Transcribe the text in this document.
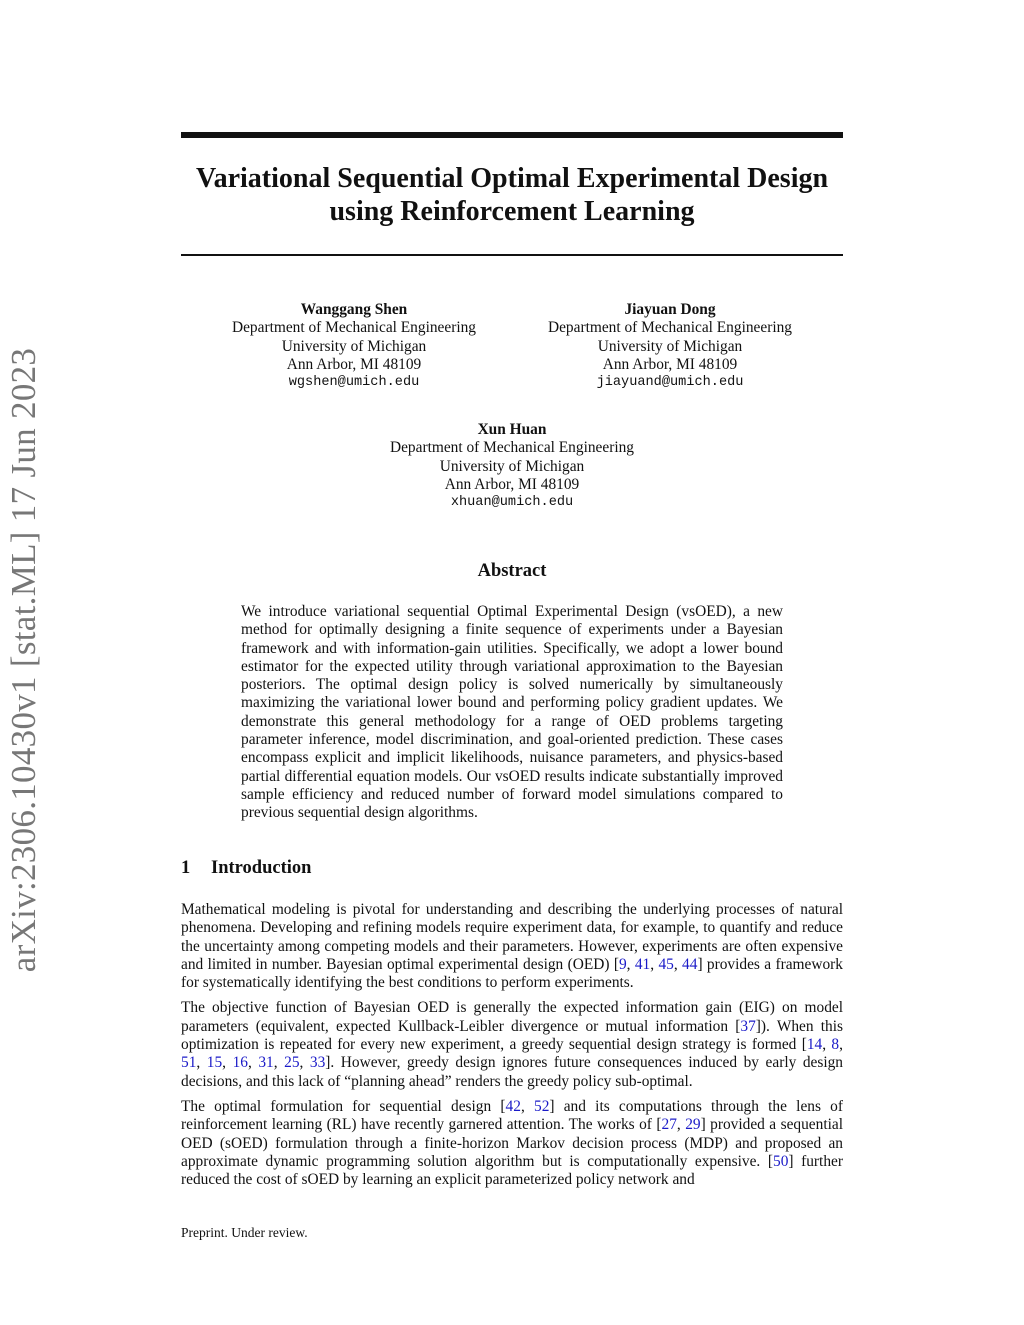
arXiv:2306.10430v1 [stat.ML] 17 Jun 2023
Variational Sequential Optimal Experimental Design
using Reinforcement Learning
Wanggang Shen
Department of Mechanical Engineering
University of Michigan
Ann Arbor, MI 48109
wgshen@umich.edu
Jiayuan Dong
Department of Mechanical Engineering
University of Michigan
Ann Arbor, MI 48109
jiayuand@umich.edu
Xun Huan
Department of Mechanical Engineering
University of Michigan
Ann Arbor, MI 48109
xhuan@umich.edu
Abstract
We introduce variational sequential Optimal Experimental Design (vsOED), a new method for optimally designing a finite sequence of experiments under a Bayesian framework and with information-gain utilities. Specifically, we adopt a lower bound estimator for the expected utility through variational approximation to the Bayesian posteriors. The optimal design policy is solved numerically by simultaneously maximizing the variational lower bound and performing policy gradient updates. We demonstrate this general methodology for a range of OED problems targeting parameter inference, model discrimination, and goal-oriented prediction. These cases encompass explicit and implicit likelihoods, nuisance parameters, and physics-based partial differential equation models. Our vsOED results indicate substantially improved sample efficiency and reduced number of forward model simulations compared to previous sequential design algorithms.
1 Introduction

Mathematical modeling is pivotal for understanding and describing the underlying processes of natural phenomena. Developing and refining models require experiment data, for example, to quantify and reduce the uncertainty among competing models and their parameters. However, experiments are often expensive and limited in number. Bayesian optimal experimental design (OED) [9, 41, 45, 44] provides a framework for systematically identifying the best conditions to perform experiments.

The objective function of Bayesian OED is generally the expected information gain (EIG) on model parameters (equivalent, expected Kullback-Leibler divergence or mutual information [37]). When this optimization is repeated for every new experiment, a greedy sequential design strategy is formed [14, 8, 51, 15, 16, 31, 25, 33]. However, greedy design ignores future consequences induced by early design decisions, and this lack of “planning ahead” renders the greedy policy sub-optimal.

The optimal formulation for sequential design [42, 52] and its computations through the lens of reinforcement learning (RL) have recently garnered attention. The works of [27, 29] provided a sequential OED (sOED) formulation through a finite-horizon Markov decision process (MDP) and proposed an approximate dynamic programming solution algorithm but is computationally expensive. [50] further reduced the cost of sOED by learning an explicit parameterized policy network and

Preprint. Under review.
